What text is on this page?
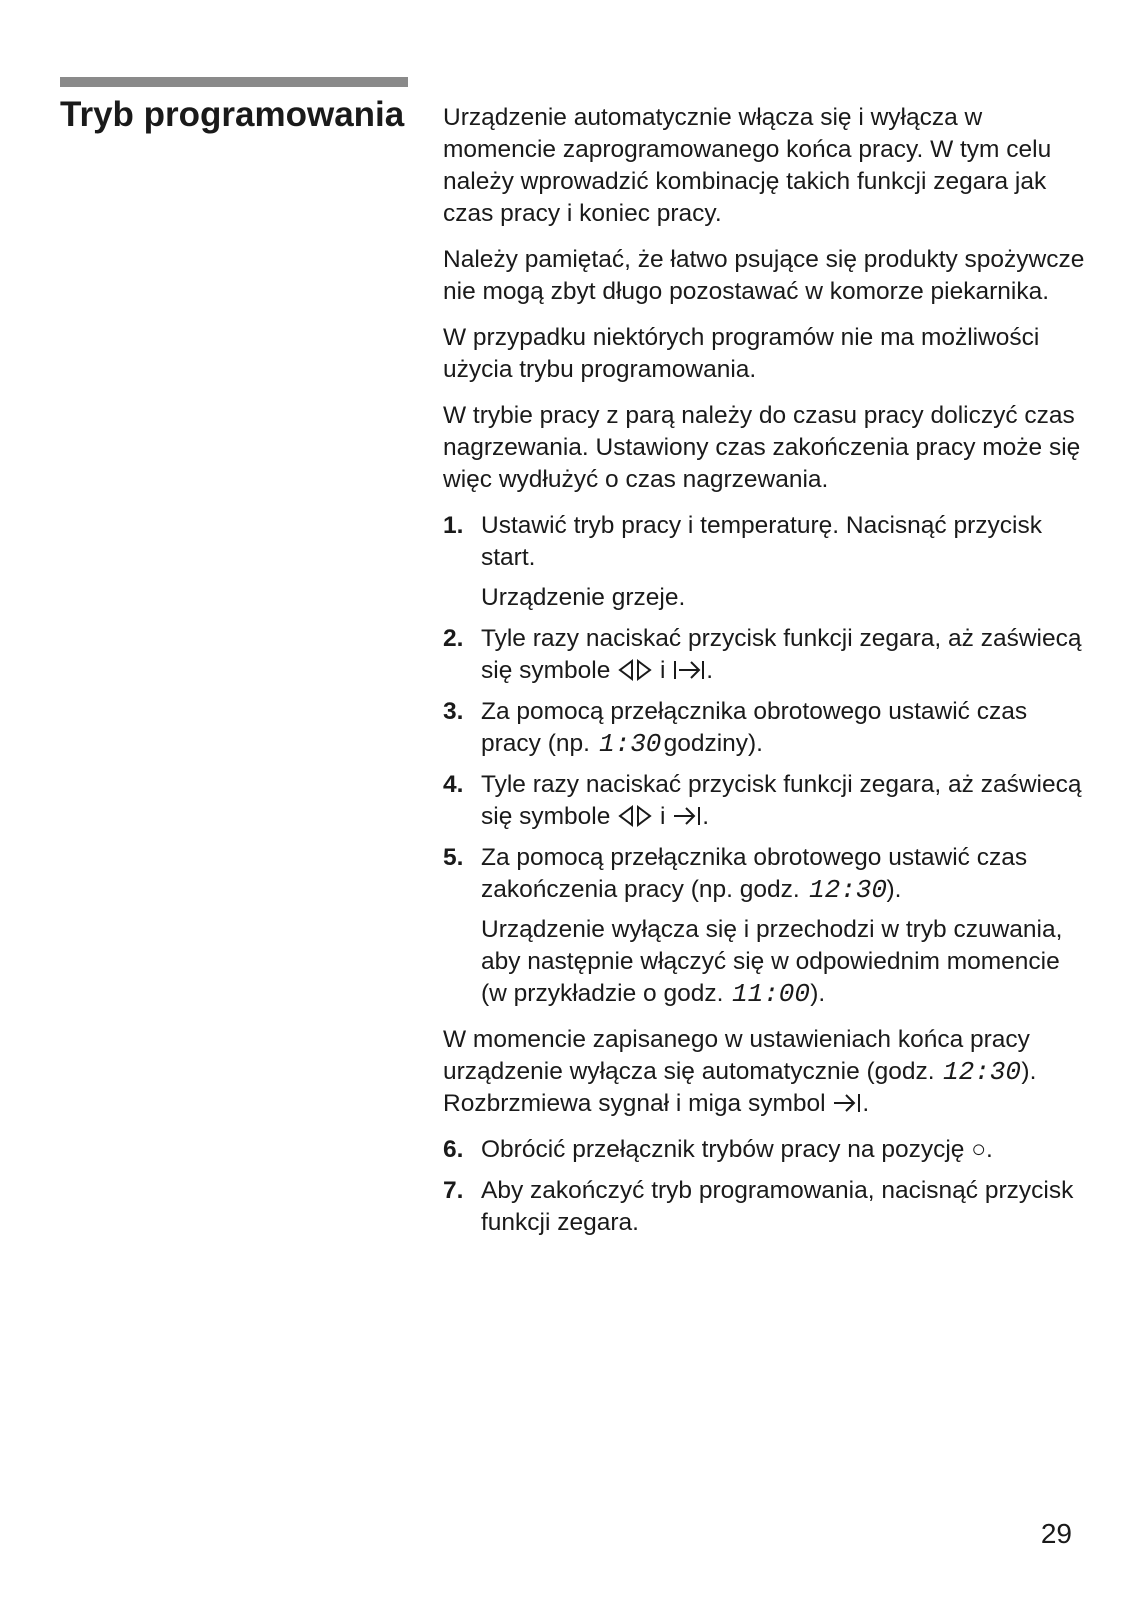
Tryb programowania	Urządzenie automatycznie włącza się i wyłącza w momencie zaprogramowanego końca pracy. W tym celu należy wprowadzić kombinację takich funkcji zegara jak czas pracy i koniec pracy.

Należy pamiętać, że łatwo psujące się produkty spożywcze nie mogą zbyt długo pozostawać w komorze piekarnika.

W przypadku niektórych programów nie ma możliwości użycia trybu programowania.

W trybie pracy z parą należy do czasu pracy doliczyć czas nagrzewania. Ustawiony czas zakończenia pracy może się więc wydłużyć o czas nagrzewania.

1. Ustawić tryb pracy i temperaturę. Nacisnąć przycisk start.
Urządzenie grzeje.
2. Tyle razy naciskać przycisk funkcji zegara, aż zaświecą się symbole i .
3. Za pomocą przełącznika obrotowego ustawić czas pracy (np. 1:30 godziny).
4. Tyle razy naciskać przycisk funkcji zegara, aż zaświecą się symbole i .
5. Za pomocą przełącznika obrotowego ustawić czas zakończenia pracy (np. godz. 12:30 ).
Urządzenie wyłącza się i przechodzi w tryb czuwania, aby następnie włączyć się w odpowiednim momencie (w przykładzie o godz. 11:00 ).

W momencie zapisanego w ustawieniach końca pracy urządzenie wyłącza się automatycznie (godz. 12:30 ). Rozbrzmiewa sygnał i miga symbol .

6. Obrócić przełącznik trybów pracy na pozycję ○.
7. Aby zakończyć tryb programowania, nacisnąć przycisk funkcji zegara.
29
